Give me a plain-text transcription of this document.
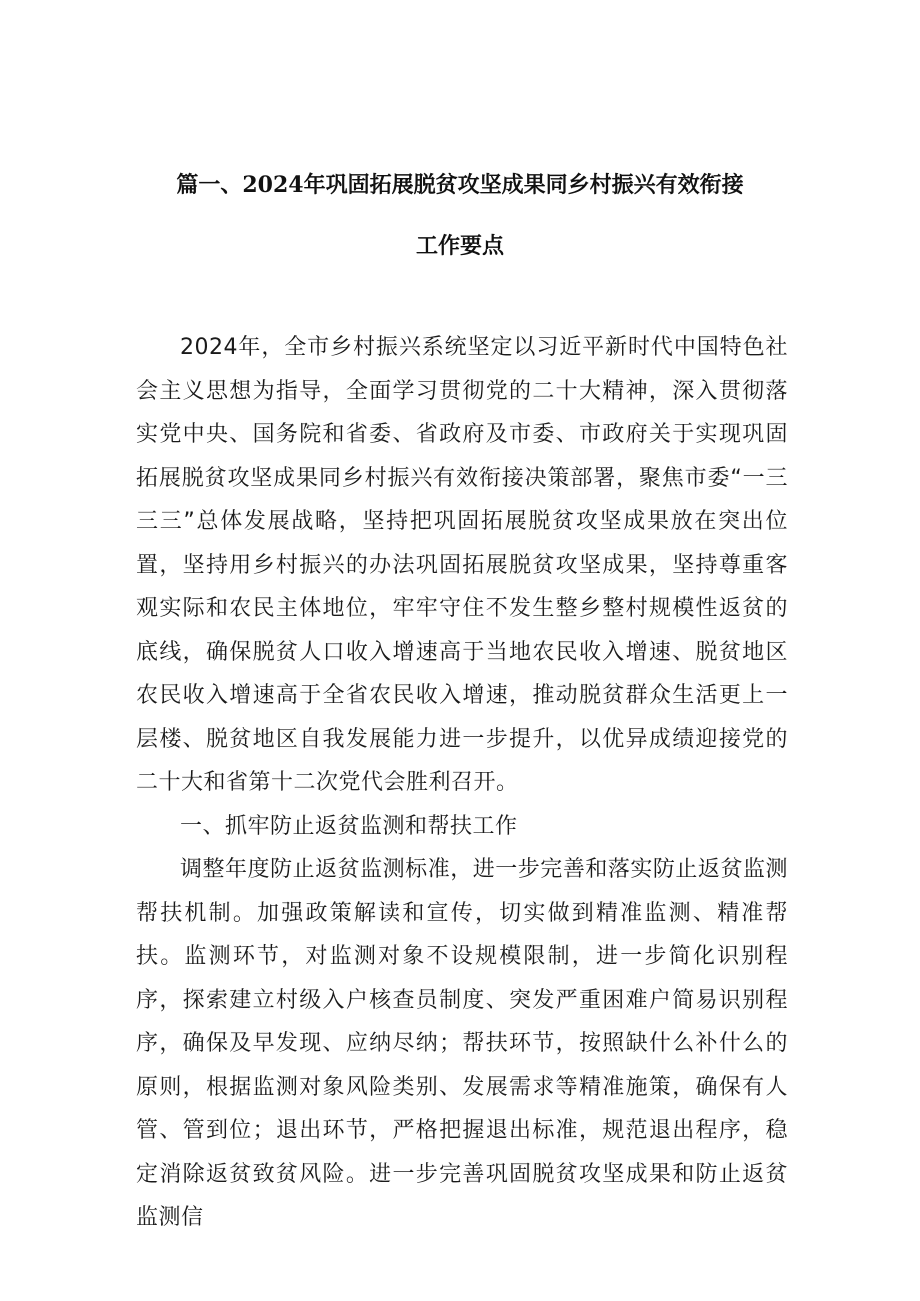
篇一、2024年巩固拓展脱贫攻坚成果同乡村振兴有效衔接
工作要点

2024年，全市乡村振兴系统坚定以习近平新时代中国特色社会主义思想为指导，全面学习贯彻党的二十大精神，深入贯彻落实党中央、国务院和省委、省政府及市委、市政府关于实现巩固拓展脱贫攻坚成果同乡村振兴有效衔接决策部署，聚焦市委“一三三三”总体发展战略，坚持把巩固拓展脱贫攻坚成果放在突出位置，坚持用乡村振兴的办法巩固拓展脱贫攻坚成果，坚持尊重客观实际和农民主体地位，牢牢守住不发生整乡整村规模性返贫的底线，确保脱贫人口收入增速高于当地农民收入增速、脱贫地区农民收入增速高于全省农民收入增速，推动脱贫群众生活更上一层楼、脱贫地区自我发展能力进一步提升，以优异成绩迎接党的二十大和省第十二次党代会胜利召开。

一、抓牢防止返贫监测和帮扶工作

调整年度防止返贫监测标准，进一步完善和落实防止返贫监测帮扶机制。加强政策解读和宣传，切实做到精准监测、精准帮扶。监测环节，对监测对象不设规模限制，进一步简化识别程序，探索建立村级入户核查员制度、突发严重困难户简易识别程序，确保及早发现、应纳尽纳；帮扶环节，按照缺什么补什么的原则，根据监测对象风险类别、发展需求等精准施策，确保有人管、管到位；退出环节，严格把握退出标准，规范退出程序，稳定消除返贫致贫风险。进一步完善巩固脱贫攻坚成果和防止返贫监测信
